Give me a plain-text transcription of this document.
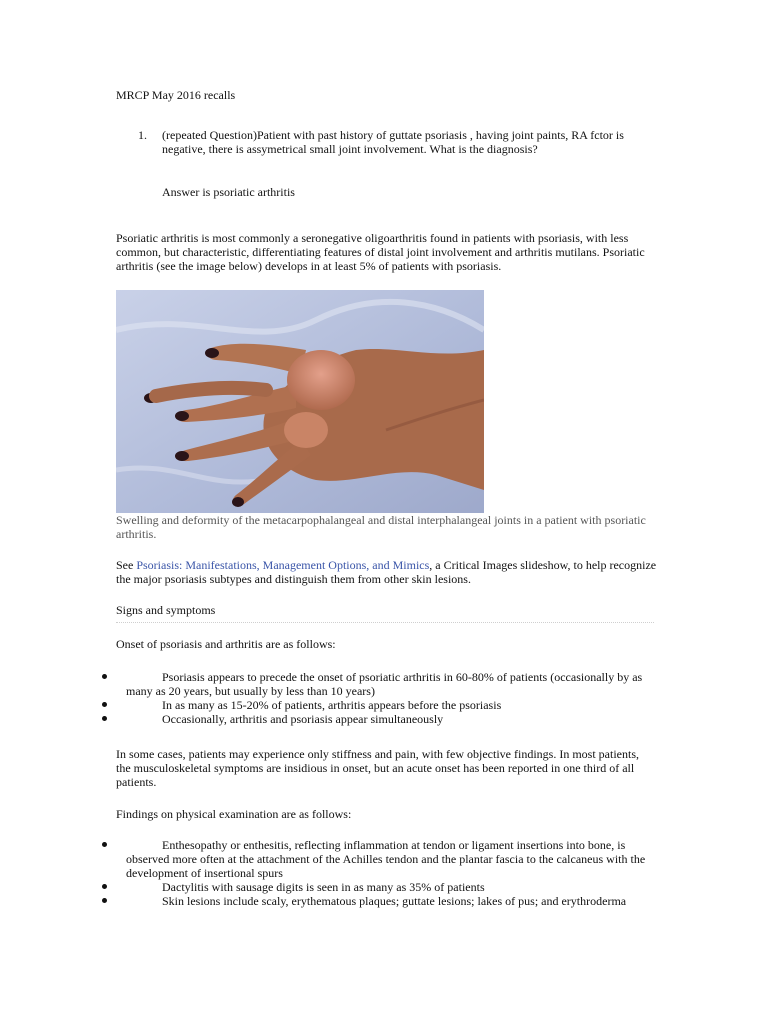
MRCP May 2016 recalls

1. (repeated Question)Patient with past history of guttate psoriasis , having joint paints, RA fctor is negative, there is assymetrical small joint involvement. What is the diagnosis?

Answer is psoriatic arthritis

Psoriatic arthritis is most commonly a seronegative oligoarthritis found in patients with psoriasis, with less common, but characteristic, differentiating features of distal joint involvement and arthritis mutilans. Psoriatic arthritis (see the image below) develops in at least 5% of patients with psoriasis.

Swelling and deformity of the metacarpophalangeal and distal interphalangeal joints in a patient with psoriatic arthritis.

See Psoriasis: Manifestations, Management Options, and Mimics, a Critical Images slideshow, to help recognize the major psoriasis subtypes and distinguish them from other skin lesions.

Signs and symptoms

Onset of psoriasis and arthritis are as follows:

Psoriasis appears to precede the onset of psoriatic arthritis in 60-80% of patients (occasionally by as many as 20 years, but usually by less than 10 years)
In as many as 15-20% of patients, arthritis appears before the psoriasis
Occasionally, arthritis and psoriasis appear simultaneously

In some cases, patients may experience only stiffness and pain, with few objective findings. In most patients, the musculoskeletal symptoms are insidious in onset, but an acute onset has been reported in one third of all patients.

Findings on physical examination are as follows:

Enthesopathy or enthesitis, reflecting inflammation at tendon or ligament insertions into bone, is observed more often at the attachment of the Achilles tendon and the plantar fascia to the calcaneus with the development of insertional spurs
Dactylitis with sausage digits is seen in as many as 35% of patients
Skin lesions include scaly, erythematous plaques; guttate lesions; lakes of pus; and erythroderma
